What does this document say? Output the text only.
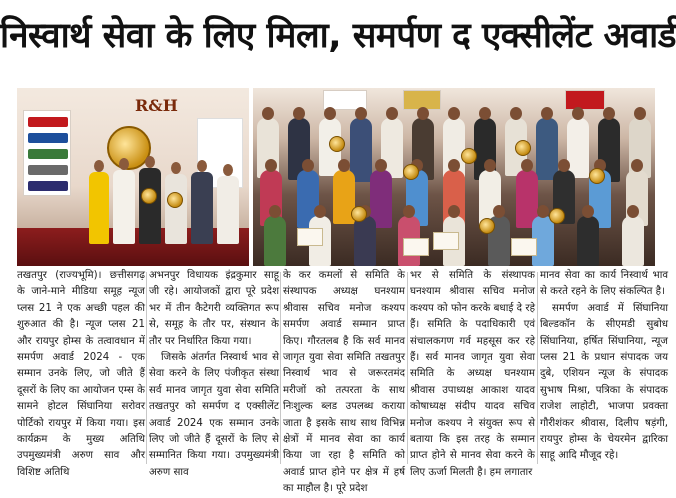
निस्वार्थ सेवा के लिए मिला, समर्पण द एक्सीलेंट अवार्ड
R&H

तखतपुर (राज्यभूमि)। छत्तीसगढ़ के जाने-माने मीडिया समूह न्यूज प्लस 21 ने एक अच्छी पहल की शुरुआत की है। न्यूज प्लस 21 और रायपुर होम्स के तत्वावधान में समर्पण अवार्ड 2024 - एक सम्मान उनके लिए, जो जीते हैं दूसरों के लिए का आयोजन एम्स के सामने होटल सिंघानिया सरोवर पोर्टिको रायपुर में किया गया। इस कार्यक्रम के मुख्य अतिथि उपमुख्यमंत्री अरुण साव और विशिष्ट अतिथि

अभनपुर विधायक इंद्रकुमार साहू जी रहे। आयोजकों द्वारा पूरे प्रदेश भर में तीन कैटेगरी व्यक्तिगत रूप से, समूह के तौर पर, संस्थान के तौर पर निर्धारित किया गया।

जिसके अंतर्गत निस्वार्थ भाव से सेवा करने के लिए पंजीकृत संस्था सर्व मानव जागृत युवा सेवा समिति तखतपुर को समर्पण द एक्सीलेंट अवार्ड 2024 एक सम्मान उनके लिए जो जीते हैं दूसरों के लिए से सम्मानित किया गया। उपमुख्यमंत्री अरुण साव

के कर कमलों से समिति के संस्थापक अध्यक्ष घनश्याम श्रीवास सचिव मनोज कश्यप समर्पण अवार्ड सम्मान प्राप्त किए। गौरतलब है कि सर्व मानव जागृत युवा सेवा समिति तखतपुर निस्वार्थ भाव से जरूरतमंद मरीजों को तत्परता के साथ निःशुल्क ब्लड उपलब्ध कराया जाता है इसके साथ साथ विभिन्न क्षेत्रों में मानव सेवा का कार्य किया जा रहा है समिति को अवार्ड प्राप्त होने पर क्षेत्र में हर्ष का माहौल है। पूरे प्रदेश

भर से समिति के संस्थापक घनश्याम श्रीवास सचिव मनोज कश्यप को फोन करके बधाई दे रहे हैं। समिति के पदाधिकारी एवं संचालकगण गर्व महसूस कर रहे हैं। सर्व मानव जागृत युवा सेवा समिति के अध्यक्ष घनश्याम श्रीवास उपाध्यक्ष आकाश यादव कोषाध्यक्ष संदीप यादव सचिव मनोज कश्यप ने संयुक्त रूप से बताया कि इस तरह के सम्मान प्राप्त होने से मानव सेवा करने के लिए ऊर्जा मिलती है। हम लगातार

मानव सेवा का कार्य निस्वार्थ भाव से करते रहने के लिए संकल्पित है।

समर्पण अवार्ड में सिंघानिया बिल्डकॉन के सीएमडी सुबोध सिंघानिया, हर्षित सिंघानिया, न्यूज प्लस 21 के प्रधान संपादक जय दुबे, एशियन न्यूज के संपादक सुभाष मिश्रा, पत्रिका के संपादक राजेश लाहोटी, भाजपा प्रवक्ता गौरीशंकर श्रीवास, दिलीप षड़ंगी, रायपुर होम्स के चेयरमेन द्वारिका साहू आदि मौजूद रहे।
